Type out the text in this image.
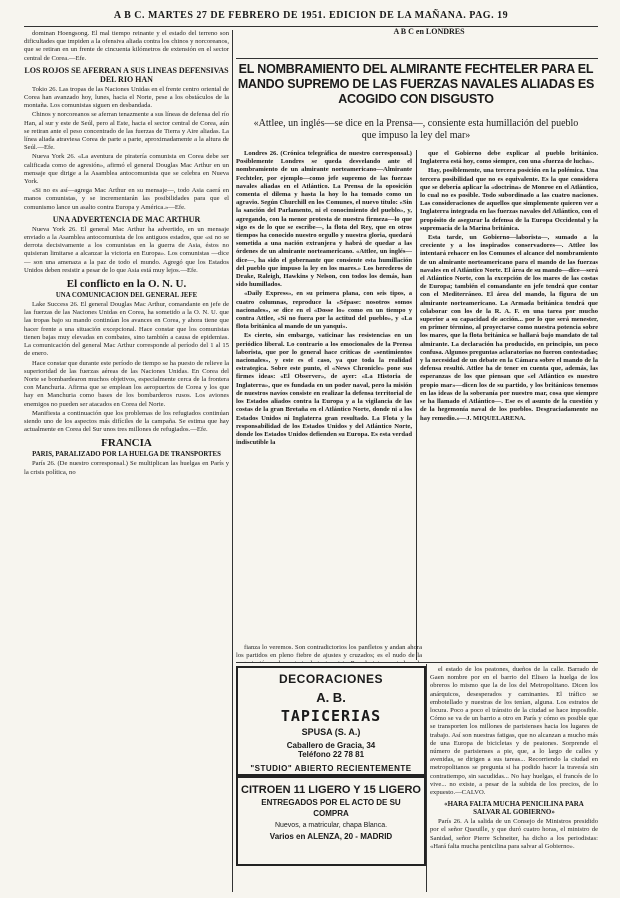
A B C. MARTES 27 DE FEBRERO DE 1951. EDICION DE LA MAÑANA. PAG. 19

dominan Hoengsong. El mal tiempo reinante y el estado del terreno son dificultades que impiden a la ofensiva aliada contra los chinos y norcoreanos, que se retiran en un frente de cincuenta kilómetros de extensión en el sector central de Corea.—Efe.

LOS ROJOS SE AFERRAN A SUS LINEAS DEFENSIVAS DEL RIO HAN

Tokio 26. Las tropas de las Naciones Unidas en el frente centro oriental de Corea han avanzado hoy, lunes, hacia el Norte, pese a los obstáculos de la montaña. Los comunistas siguen en desbandada.

Chinos y norcoreanos se aferran tenazmente a sus líneas de defensa del río Han, al sur y este de Seúl, pero al Este, hacia el sector central de Corea, aún se retiran ante el peso concentrado de las fuerzas de Tierra y Aire aliadas. La línea aliada atraviesa Corea de parte a parte, aproximadamente a la altura de Seúl.—Efe.

Nueva York 26. «La aventura de piratería comunista en Corea debe ser calificada como de agresión», afirmó el general Douglas Mac Arthur en un mensaje que dirige a la Asamblea antocomunista que se celebra en Nueva York.

«Si no es así—agrega Mac Arthur en su mensaje—, todo Asia caerá en manos comunistas, y se incrementarán las posibilidades para que el comunismo lance un asalto contra Europa y América.»—Efe.

UNA ADVERTENCIA DE MAC ARTHUR

Nueva York 26. El general Mac Arthur ha advertido, en un mensaje enviado a la Asamblea antocomunista de los antiguos estados, que «si no se derrota decisivamente a los comunistas en la guerra de Asia, éstos no quisieran limitarse a alcanzar la victoria en Europa». Los comunistas —dice— son una amenaza a la paz de todo el mundo. Agregó que los Estados Unidos deben resistir a pesar de lo que Asia está muy lejos.—Efe.

El conflicto en la O. N. U.

UNA COMUNICACION DEL GENERAL JEFE

Lake Success 26. El general Douglas Mac Arthur, comandante en jefe de las fuerzas de las Naciones Unidas en Corea, ha sometido a la O. N. U. que las tropas bajo su mando continúan los avances en Corea, y ahora tiene que hacer frente a una situación excepcional. Hace constar que los comunistas tienen bajas muy elevadas en combates, sino también a causa de epidemias. La comunicación del general Mac Arthur corresponde al período del 1 al 15 de enero.

Hace constar que durante este período de tiempo se ha puesto de relieve la superioridad de las fuerzas aéreas de las Naciones Unidas. En Corea del Norte se bombardearon muchos objetivos, especialmente cerca de la frontera con Manchuria. Afirma que se emplean los aeropuertos de Corea y los que hay en Manchuria como bases de los bombarderos rusos. Los aviones enemigos no pueden ser atacados en Corea del Norte.

Manifiesta a continuación que los problemas de los refugiados continúan siendo uno de los aspectos más difíciles de la campaña. Se estima que hay actualmente en Corea del Sur unos tres millones de refugiados.—Efe.

FRANCIA

PARIS, PARALIZADO POR LA HUELGA DE TRANSPORTES

París 26. (De nuestro corresponsal.) Se multiplican las huelgas en París y la crisis política, no

A B C en LONDRES
EL NOMBRAMIENTO DEL ALMIRANTE FECHTELER PARA EL MANDO SUPREMO DE LAS FUERZAS NAVALES ALIADAS ES ACOGIDO CON DISGUSTO
«Attlee, un inglés—se dice en la Prensa—, consiente esta humillación del pueblo que impuso la ley del mar»

Londres 26. (Crónica telegráfica de nuestro corresponsal.) Posiblemente Londres se queda desvelando ante el nombramiento de un almirante norteamericano—Almirante Fechteler, por ejemplo—como jefe supremo de las fuerzas navales aliadas en el Atlántico. La Prensa de la oposición comenta el dilema y hasta la hoy lo ha tomado como un agravio. Según Churchill en los Comunes, el nuevo título: «Sin la sanción del Parlamento, ni el conocimiento del pueblo», y, agregando, con la menor protesta de nuestra firmeza—lo que sigo es de lo que se escribe—, la flota del Rey, que en otros tiempos ha conocido nuestro orgullo y nuestra gloria, quedará sometida a una nación extranjera y habrá de quedar a las órdenes de un almirante norteamericano. «Attlee, un inglés—dice—, ha sido el gobernante que consiente esta humillación del pueblo que impuso la ley en los mares.» Los herederos de Drake, Raleigh, Hawkins y Nelson, con todos los demás, han sido humillados.

«Daily Express», en su primera plana, con seis tipos, a cuatro columnas, reproduce la «Sépase: nosotros somos nacionales», se dice en el «Dosse lo» como en un tiempo y contra Attlee, «Si no fuera por la actitud del pueblo», y «La flota británica al mando de un yanqui».

Es cierto, sin embargo, vaticinar las resistencias en un periódico liberal. Lo contrario a los emocionales de la Prensa laborista, que por lo general hace críticas de «sentimientos nacionales», y este es el caso, ya que toda la realidad estrategica. Sobre este punto, el «News Chronicle» pone sus firmes ideas: «El Observer», de ayer: «La Historia de Inglaterra», que es fundada en un poder naval, pero la misión de nuestros navíos consiste en realizar la defensa territorial de los Estados aliados contra la Europa y a la vigilancia de las costas de la gran Bretaña en el Atlántico Norte, donde ni a los Estados Unidos ni Inglaterra gran resultado. La Flota y la responsabilidad de los Estados Unidos y del Atlántico Norte, donde los Estados Unidos defienden su Europa. Es esta verdad indiscutible la

que el Gobierno debe explicar al pueblo británico. Inglaterra está hoy, como siempre, con una «fuerza de lucha».

Hay, posiblemente, una tercera posición en la polémica. Una tercera posibilidad que no es equivalente. Es la que considera que se debería aplicar la «doctrina» de Monroe en el Atlántico, lo cual no es posible. Todo subordinado a las cuatro naciones. Las consideraciones de aquellos que simplemente quieren ver a Inglaterra integrada en las fuerzas navales del Atlántico, con el propósito de asegurar la defensa de la Europa Occidental y la supremacía de la Marina británica.

Esta tarde, un Gobierno—laborista—, sumado a la creciente y a los inspirados conservadores—. Attlee los intentará rehacer en los Comunes el alcance del nombramiento de un almirante norteamericano para el mando de las fuerzas navales en el Atlántico Norte. El área de su mando—dice—será el Atlántico Norte, con la excepción de los mares de las costas de Europa; también el comandante en jefe tendrá que contar con el Mediterráneo. El área del mando, la figura de un almirante norteamericano. La Armada británica tendrá que colaborar con los de la R. A. F. en una tarea por mucho superior a su capacidad de acción... por lo que será menester, en primer término, al proyectarse como nuestra potencia sobre los mares, que la flota británica se hallará bajo mandato de tal almirante. La declaración ha producido, en principio, un poco confusa. Algunos preguntas aclaratorias no fueron contestadas; y la necesidad de un debate en la Cámara sobre el mando de la defensa resultó. Attlee ha de tener en cuenta que, además, las esperanzas de los que piensan que «el Atlántico es nuestro propio mar»—dicen los de su partido, y los británicos tenemos en las ideas de la soberanía por nuestro mar, cosa que siempre se ha llamado el Atlántico—. Ese es el asunto de la cuestión y de la hegemonía naval de los pueblos. Desgraciadamente no hay remedio.»—J. MIQUELARENA.

fianza lo veremos. Son contradictorios los panfletos y andan ahora los partidos en pleno fiebre de ajustes y cruzados; es el nudo de la

DECORACIONES
A. B.
TAPICERIAS
SPUSA (S. A.)
Caballero de Gracia, 34
Teléfono 22 78 81
"STUDIO" ABIERTO RECIENTEMENTE
CITROEN 11 LIGERO Y 15 LIGERO
ENTREGADOS POR EL ACTO DE SU
COMPRA
Nuevos, a matricular, chapa Blanca.
Varios en ALENZA, 20 - MADRID

el estado de los peatones, dueños de la calle. Barrado de Gaen nombre por en el barrio del Eliseo la huelga de los obreros lo mismo que la de los del Metropolitano. Dicen los anárquicos, desesperados y caminantes. El tráfico se embotellado y nuestras de los tenían, alguna. Los estratos de locura. Poco a poco el tránsito de la ciudad se hace imposible. Cómo se va de un barrio a otro en París y cómo es posible que se transporten los millones de parisienses hacia los lugares de trabajo. Así son nuestras fatigas, que no alcanzan a mucho más de una Europa de bicicletas y de peatones. Sorprende el número de parisienses a pie, que, a lo largo de calles y avenidas, se dirigen a sus tareas... Recorriendo la ciudad en metropolitanos se pregunta si ha podido hacer la travesía sin contratiempo, sin sacudidas... No hay huelgas, el francés de lo vive... no existe, a pesar de la subida de los precios, de lo expuesto.—CALVO.

«HARA FALTA MUCHA PENICILINA PARA SALVAR AL GOBIERNO»

París 26. A la salida de un Consejo de Ministros presidido por el señor Queuille, y que duró cuatro horas, el ministro de Sanidad, señor Pierre Schneiter, ha dicho a los periodistas: «Hará falta mucha penicilina para salvar al Gobierno».
